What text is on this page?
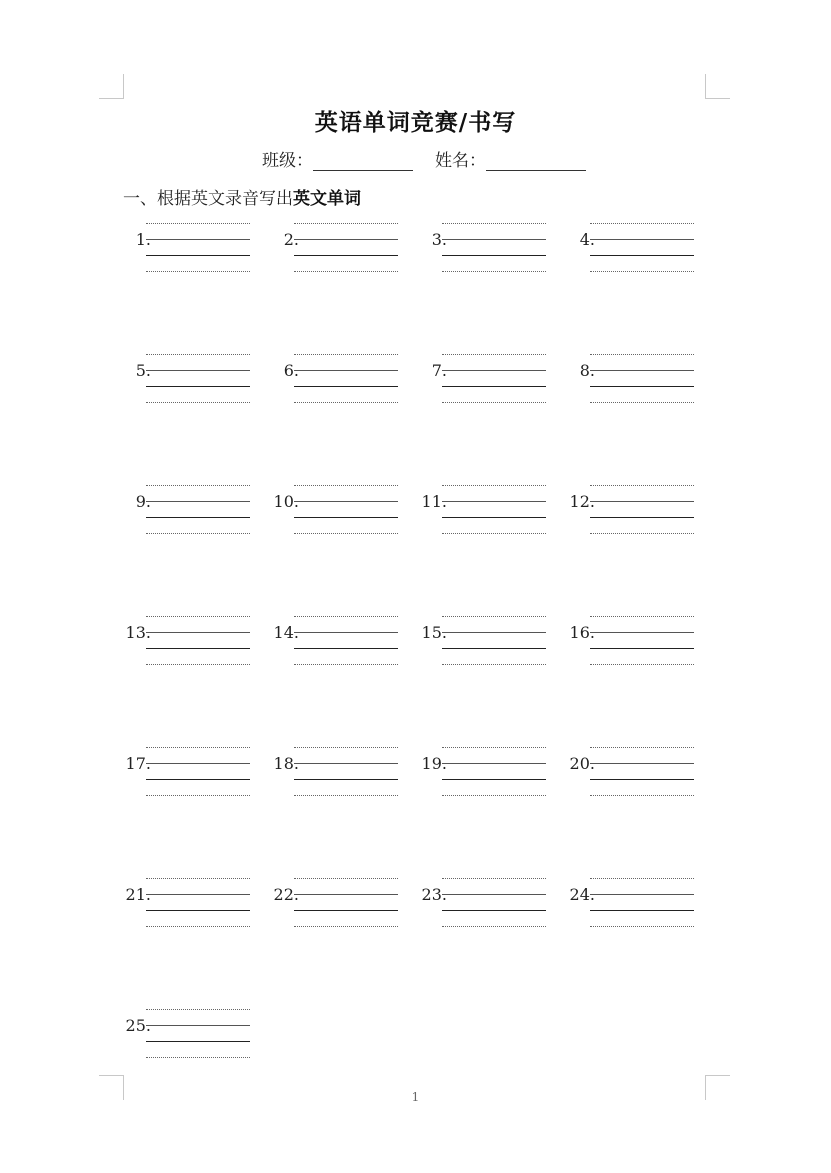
英语单词竞赛/书写
班级：	姓名：
一、根据英文录音写出英文单词
1.	2.	3.	4.
5.	6.	7.	8.
9.	10.	11.	12.
13.	14.	15.	16.
17.	18.	19.	20.
21.	22.	23.	24.
25.
1
